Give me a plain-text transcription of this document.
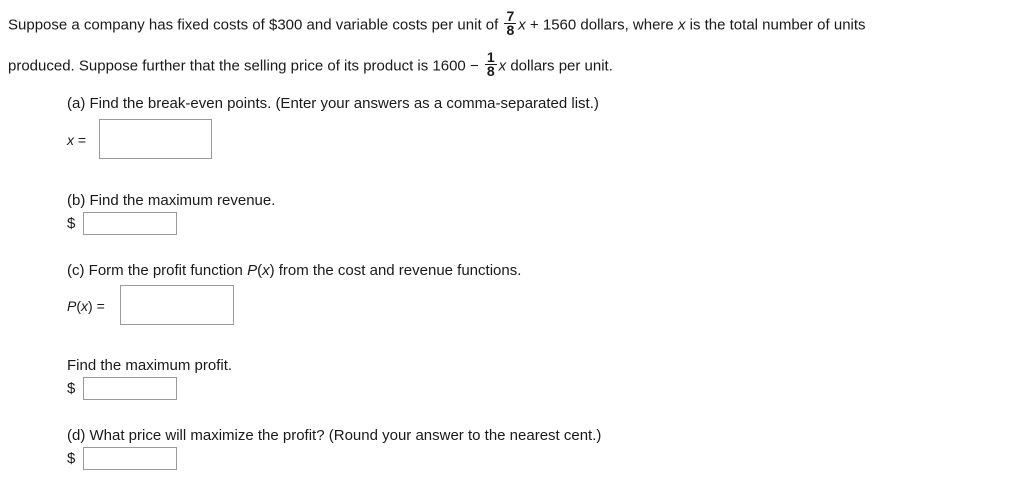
Suppose a company has fixed costs of $300 and variable costs per unit of $\frac{7}{8}$ x + 1560 dollars, where x is the total number of units
produced. Suppose further that the selling price of its product is $1600 - \frac{1}{8}$ x dollars per unit.
(a) Find the break-even points. (Enter your answers as a comma-separated list.)
x =
(b) Find the maximum revenue.
$
(c) Form the profit function P(x) from the cost and revenue functions.
P(x) =
Find the maximum profit.
$
(d) What price will maximize the profit? (Round your answer to the nearest cent.)
$
